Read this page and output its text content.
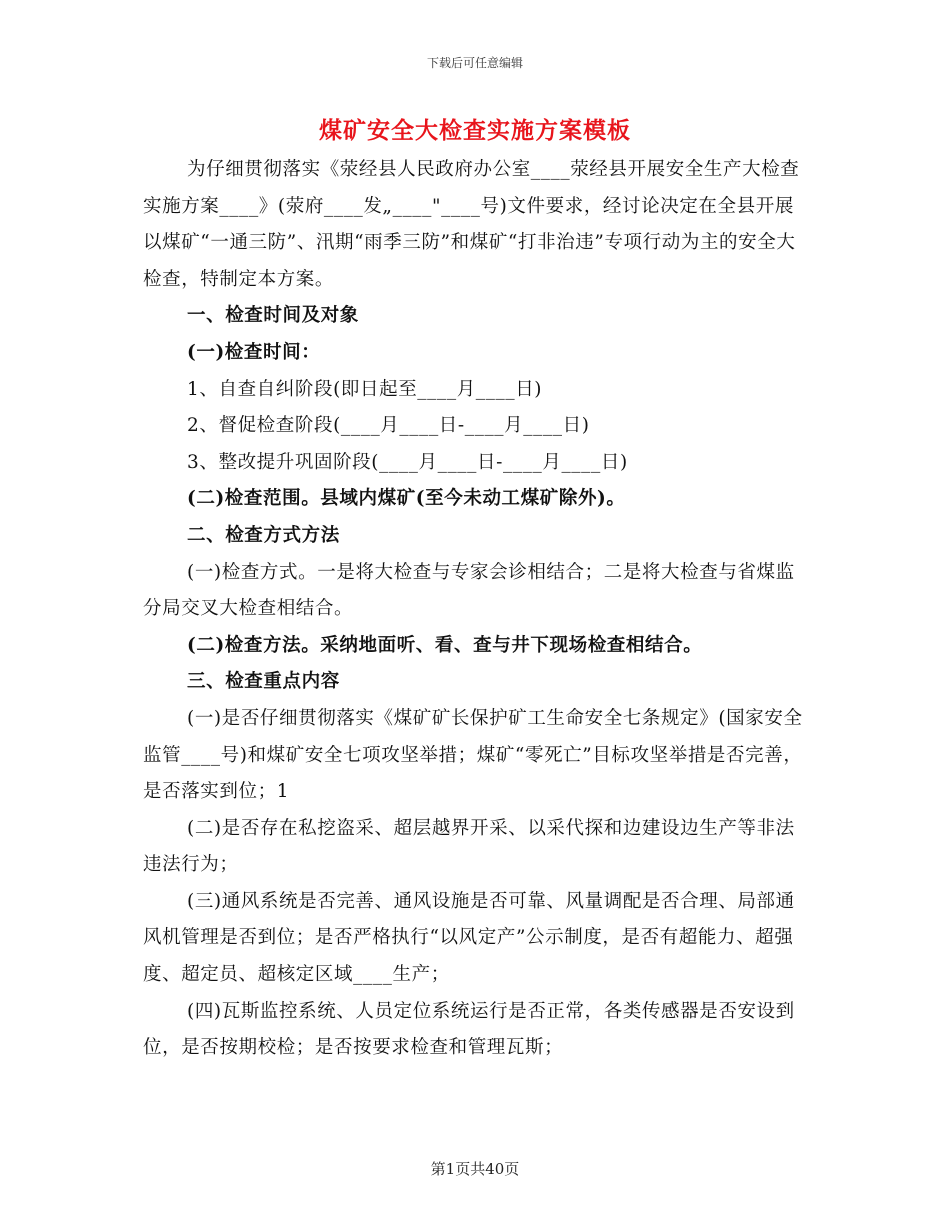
下载后可任意编辑
煤矿安全大检查实施方案模板

为仔细贯彻落实《荥经县人民政府办公室____荥经县开展安全生产大检查实施方案____》(荥府____发„____"____号)文件要求，经讨论决定在全县开展以煤矿“一通三防”、汛期“雨季三防”和煤矿“打非治违”专项行动为主的安全大检查，特制定本方案。

一、检查时间及对象

(一)检查时间：

1、自查自纠阶段(即日起至____月____日)

2、督促检查阶段(____月____日-____月____日)

3、整改提升巩固阶段(____月____日-____月____日)

(二)检查范围。县域内煤矿(至今未动工煤矿除外)。

二、检查方式方法

(一)检查方式。一是将大检查与专家会诊相结合；二是将大检查与省煤监分局交叉大检查相结合。

(二)检查方法。采纳地面听、看、查与井下现场检查相结合。

三、检查重点内容

(一)是否仔细贯彻落实《煤矿矿长保护矿工生命安全七条规定》(国家安全监管____号)和煤矿安全七项攻坚举措；煤矿“零死亡”目标攻坚举措是否完善，是否落实到位；1

(二)是否存在私挖盗采、超层越界开采、以采代探和边建设边生产等非法违法行为；

(三)通风系统是否完善、通风设施是否可靠、风量调配是否合理、局部通风机管理是否到位；是否严格执行“以风定产”公示制度，是否有超能力、超强度、超定员、超核定区域____生产；

(四)瓦斯监控系统、人员定位系统运行是否正常，各类传感器是否安设到位，是否按期校检；是否按要求检查和管理瓦斯；

第1页共40页
